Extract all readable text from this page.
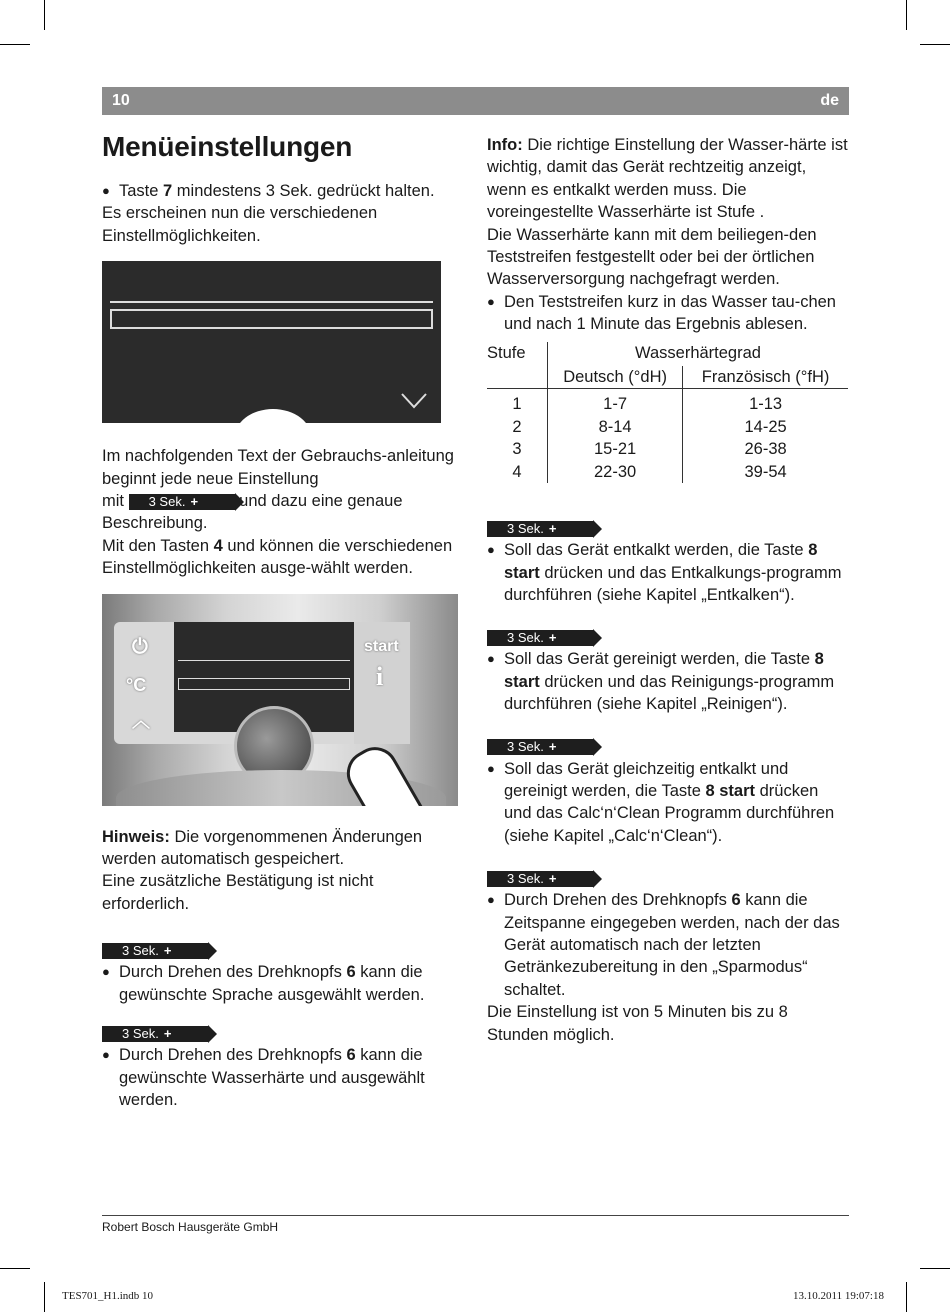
10	de
Menüeinstellungen

● Taste 7 mindestens 3 Sek. gedrückt halten.

Es erscheinen nun die verschiedenen Einstellmöglichkeiten.

Im nachfolgenden Text der Gebrauchs-anleitung beginnt jede neue Einstellung

mit 3 Sek. + und dazu eine genaue Beschreibung.

Mit den Tasten 4 und können die verschiedenen Einstellmöglichkeiten ausge-wählt werden.

⏻
°C
︿
start
i

Hinweis: Die vorgenommenen Änderungen werden automatisch gespeichert.

Eine zusätzliche Bestätigung ist nicht erforderlich.

3 Sek. +

● Durch Drehen des Drehknopfs 6 kann die gewünschte Sprache ausgewählt werden.

3 Sek. +

● Durch Drehen des Drehknopfs 6 kann die gewünschte Wasserhärte und ausgewählt werden.

Info: Die richtige Einstellung der Wasser-härte ist wichtig, damit das Gerät rechtzeitig anzeigt, wenn es entkalkt werden muss. Die voreingestellte Wasserhärte ist Stufe .

Die Wasserhärte kann mit dem beiliegen-den Teststreifen festgestellt oder bei der örtlichen Wasserversorgung nachgefragt werden.

● Den Teststreifen kurz in das Wasser tau-chen und nach 1 Minute das Ergebnis ablesen.

Stufe	Wasserhärtegrad	
	Deutsch (°dH)	Französisch (°fH)
1	1-7	1-13
2	8-14	14-25
3	15-21	26-38
4	22-30	39-54
3 Sek. +

● Soll das Gerät entkalkt werden, die Taste 8 start drücken und das Entkalkungs-programm durchführen (siehe Kapitel „Entkalken“).

3 Sek. +

● Soll das Gerät gereinigt werden, die Taste 8 start drücken und das Reinigungs-programm durchführen (siehe Kapitel „Reinigen“).

3 Sek. +

● Soll das Gerät gleichzeitig entkalkt und gereinigt werden, die Taste 8 start drücken und das Calc‘n‘Clean Programm durchführen (siehe Kapitel „Calc‘n‘Clean“).

3 Sek. +

● Durch Drehen des Drehknopfs 6 kann die Zeitspanne eingegeben werden, nach der das Gerät automatisch nach der letzten Getränkezubereitung in den „Sparmodus“ schaltet.

Die Einstellung ist von 5 Minuten bis zu 8 Stunden möglich.

Robert Bosch Hausgeräte GmbH
TES701_H1.indb 10	13.10.2011 19:07:18
